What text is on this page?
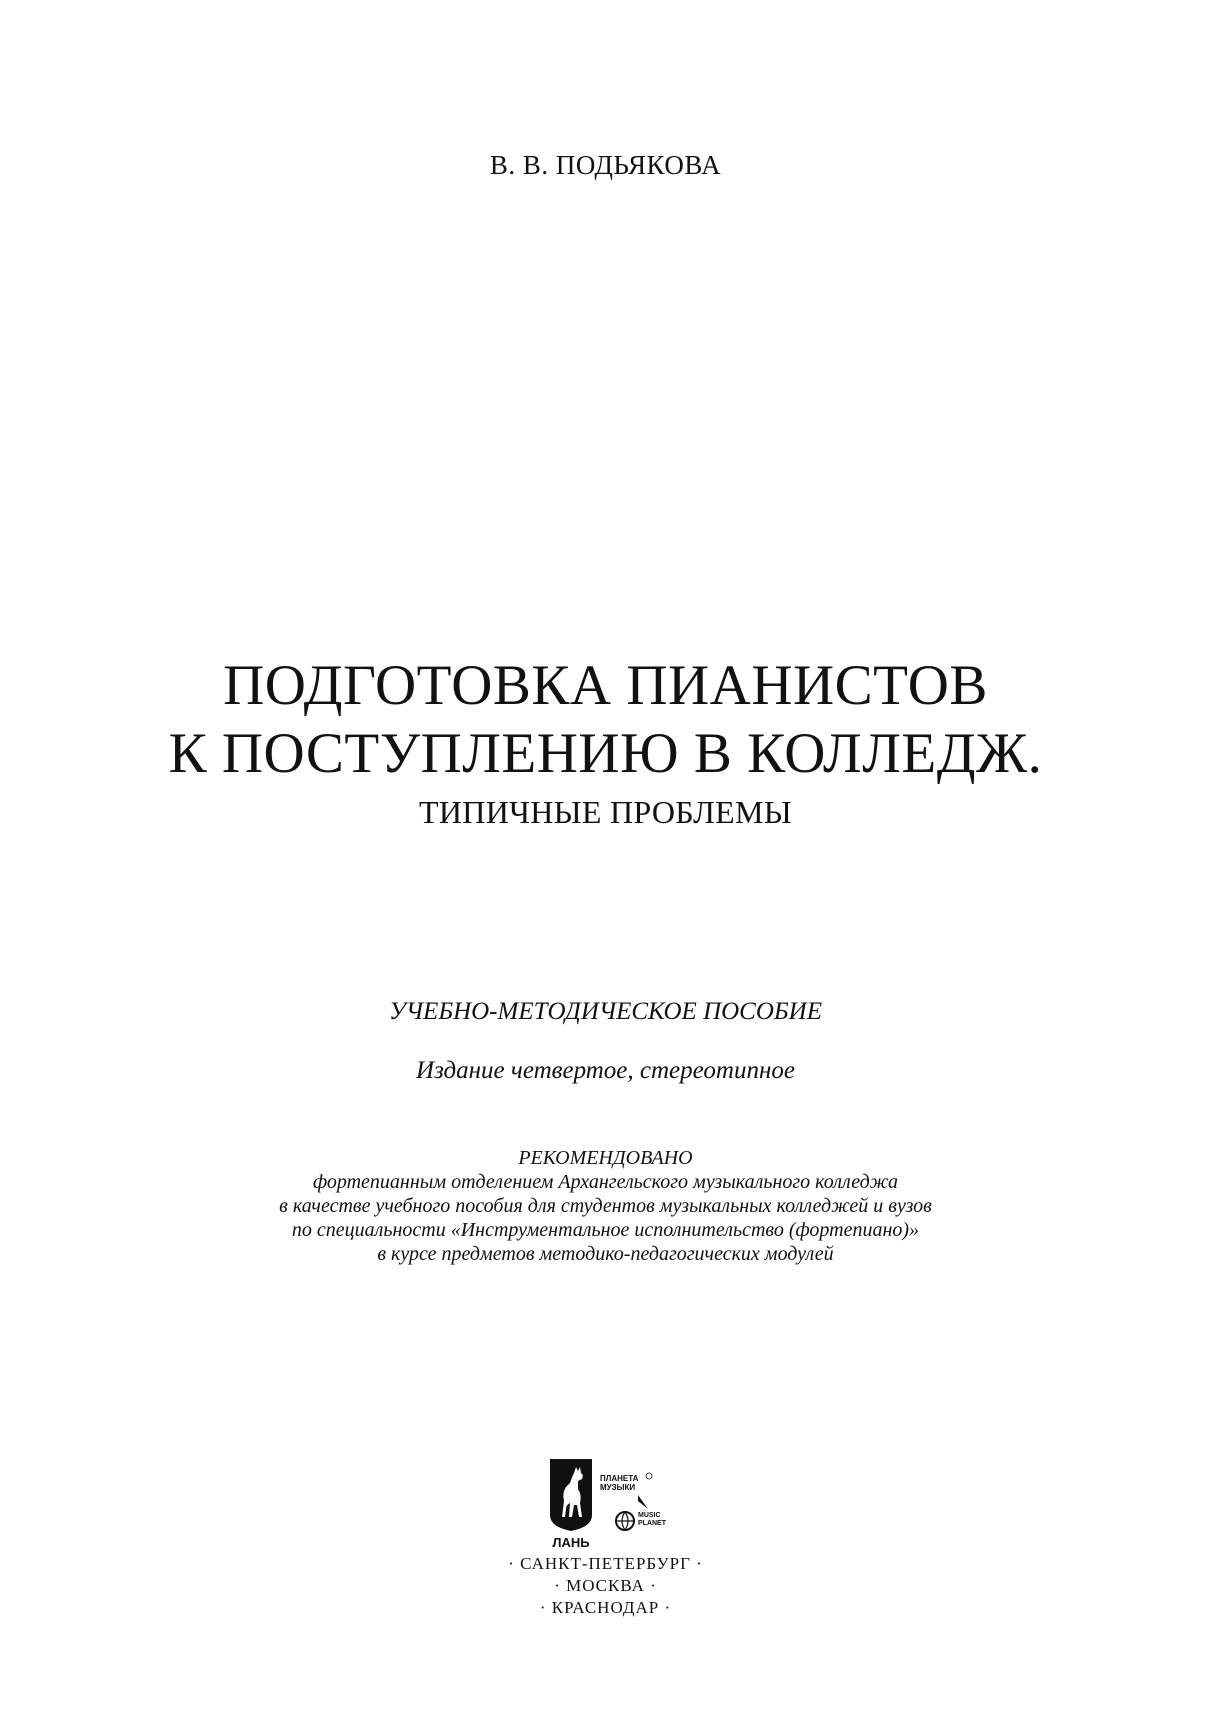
В. В. ПОДЬЯКОВА
ПОДГОТОВКА ПИАНИСТОВ
К ПОСТУПЛЕНИЮ В КОЛЛЕДЖ.
ТИПИЧНЫЕ ПРОБЛЕМЫ
УЧЕБНО-МЕТОДИЧЕСКОЕ ПОСОБИЕ
Издание четвертое, стереотипное
РЕКОМЕНДОВАНО
фортепианным отделением Архангельского музыкального колледжа
в качестве учебного пособия для студентов музыкальных колледжей и вузов
по специальности «Инструментальное исполнительство (фортепиано)»
в курсе предметов методико-педагогических модулей
ЛАНЬ
ПЛАНЕТА МУЗЫКИ
MUSIC PLANET
· САНКТ-ПЕТЕРБУРГ ·
· МОСКВА ·
· КРАСНОДАР ·
